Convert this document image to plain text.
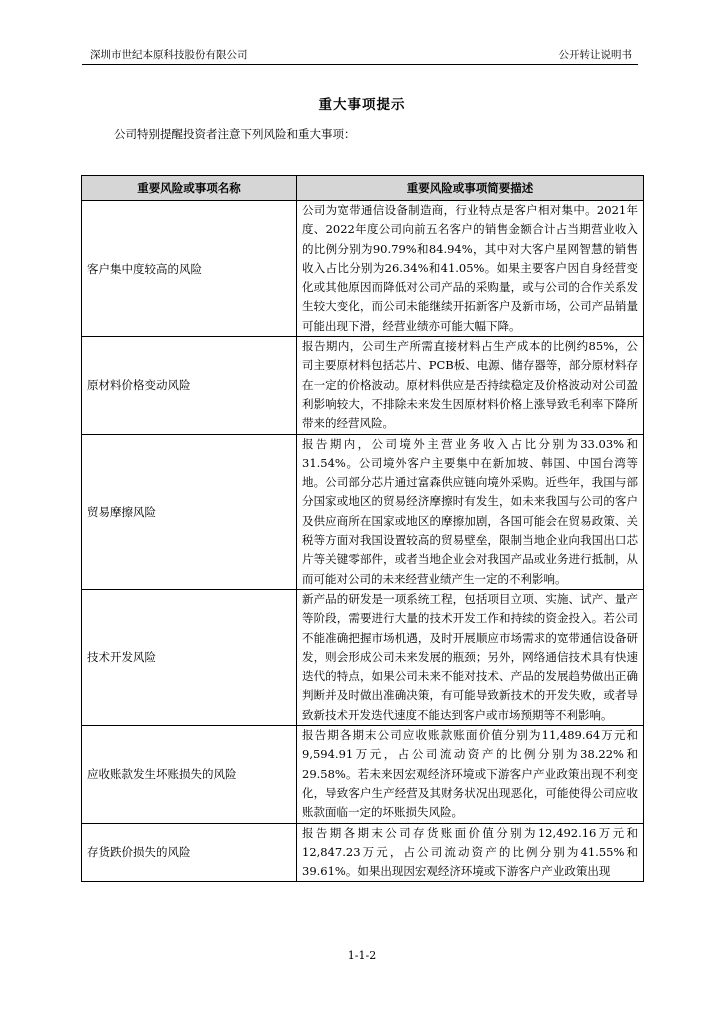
深圳市世纪本原科技股份有限公司	公开转让说明书
重大事项提示
公司特别提醒投资者注意下列风险和重大事项：
重要风险或事项名称	重要风险或事项简要描述
客户集中度较高的风险	公司为宽带通信设备制造商，行业特点是客户相对集中。2021年度、2022年度公司向前五名客户的销售金额合计占当期营业收入的比例分别为90.79%和84.94%，其中对大客户星网智慧的销售收入占比分别为26.34%和41.05%。如果主要客户因自身经营变化或其他原因而降低对公司产品的采购量，或与公司的合作关系发生较大变化，而公司未能继续开拓新客户及新市场，公司产品销量可能出现下滑，经营业绩亦可能大幅下降。
原材料价格变动风险	报告期内，公司生产所需直接材料占生产成本的比例约85%，公司主要原材料包括芯片、PCB板、电源、储存器等，部分原材料存在一定的价格波动。原材料供应是否持续稳定及价格波动对公司盈利影响较大，不排除未来发生因原材料价格上涨导致毛利率下降所带来的经营风险。
贸易摩擦风险	报告期内，公司境外主营业务收入占比分别为33.03%和31.54%。公司境外客户主要集中在新加坡、韩国、中国台湾等地。公司部分芯片通过富森供应链向境外采购。近些年，我国与部分国家或地区的贸易经济摩擦时有发生，如未来我国与公司的客户及供应商所在国家或地区的摩擦加剧，各国可能会在贸易政策、关税等方面对我国设置较高的贸易壁垒，限制当地企业向我国出口芯片等关键零部件，或者当地企业会对我国产品或业务进行抵制，从而可能对公司的未来经营业绩产生一定的不利影响。
技术开发风险	新产品的研发是一项系统工程，包括项目立项、实施、试产、量产等阶段，需要进行大量的技术开发工作和持续的资金投入。若公司不能准确把握市场机遇，及时开展顺应市场需求的宽带通信设备研发，则会形成公司未来发展的瓶颈；另外，网络通信技术具有快速迭代的特点，如果公司未来不能对技术、产品的发展趋势做出正确判断并及时做出准确决策，有可能导致新技术的开发失败，或者导致新技术开发迭代速度不能达到客户或市场预期等不利影响。
应收账款发生坏账损失的风险	报告期各期末公司应收账款账面价值分别为11,489.64万元和9,594.91万元，占公司流动资产的比例分别为38.22%和29.58%。若未来因宏观经济环境或下游客户产业政策出现不利变化，导致客户生产经营及其财务状况出现恶化，可能使得公司应收账款面临一定的坏账损失风险。
存货跌价损失的风险	报告期各期末公司存货账面价值分别为12,492.16万元和12,847.23万元，占公司流动资产的比例分别为41.55%和39.61%。如果出现因宏观经济环境或下游客户产业政策出现
1-1-2
